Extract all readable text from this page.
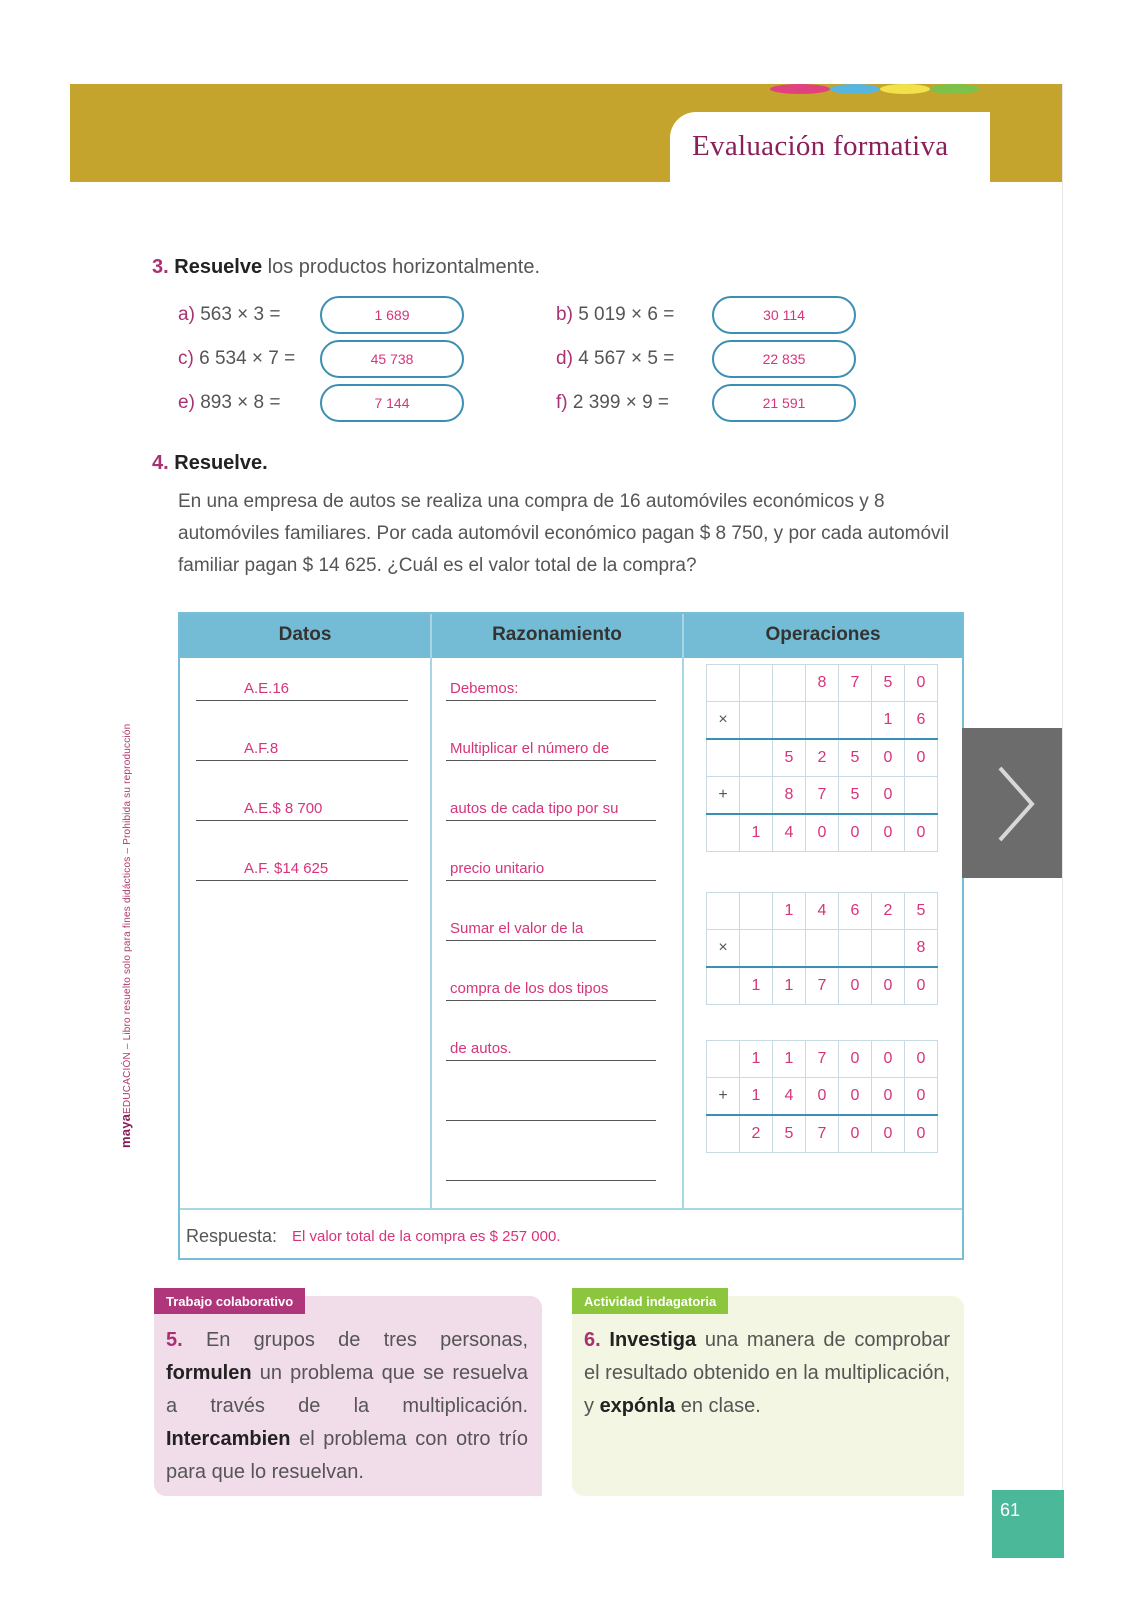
Evaluación formativa
mayaEDUCACIÓN – Libro resuelto solo para fines didácticos – Prohibida su reproducción
3. Resuelve los productos horizontalmente.
a) 563 × 3 =	1 689	b) 5 019 × 6 =	30 114
c) 6 534 × 7 =	45 738	d) 4 567 × 5 =	22 835
e) 893 × 8 =	7 144	f) 2 399 × 9 =	21 591
4. Resuelve.
En una empresa de autos se realiza una compra de 16 automóviles económicos y 8 automóviles familiares. Por cada automóvil económico pagan $ 8 750, y por cada automóvil familiar pagan $ 14 625. ¿Cuál es el valor total de la compra?
Datos	Razonamiento	Operaciones
Respuesta: El valor total de la compra es $ 257 000.
A.E.16
A.F.8
A.E.$ 8 700
A.F. $14 625
Debemos:
Multiplicar el número de
autos de cada tipo por su
precio unitario
Sumar el valor de la
compra de los dos tipos
de autos.
			8	7	5	0
×					1	6
		5	2	5	0	0
+		8	7	5	0	
	1	4	0	0	0	0
		1	4	6	2	5
×						8
	1	1	7	0	0	0
	1	1	7	0	0	0
+	1	4	0	0	0	0
	2	5	7	0	0	0
Trabajo colaborativo
5. En grupos de tres personas, formulen un problema que se resuelva a través de la multiplicación. Intercambien el problema con otro trío para que lo resuelvan.
Actividad indagatoria
6. Investiga una manera de comprobar el resultado obtenido en la multiplicación, y expónla en clase.
61
